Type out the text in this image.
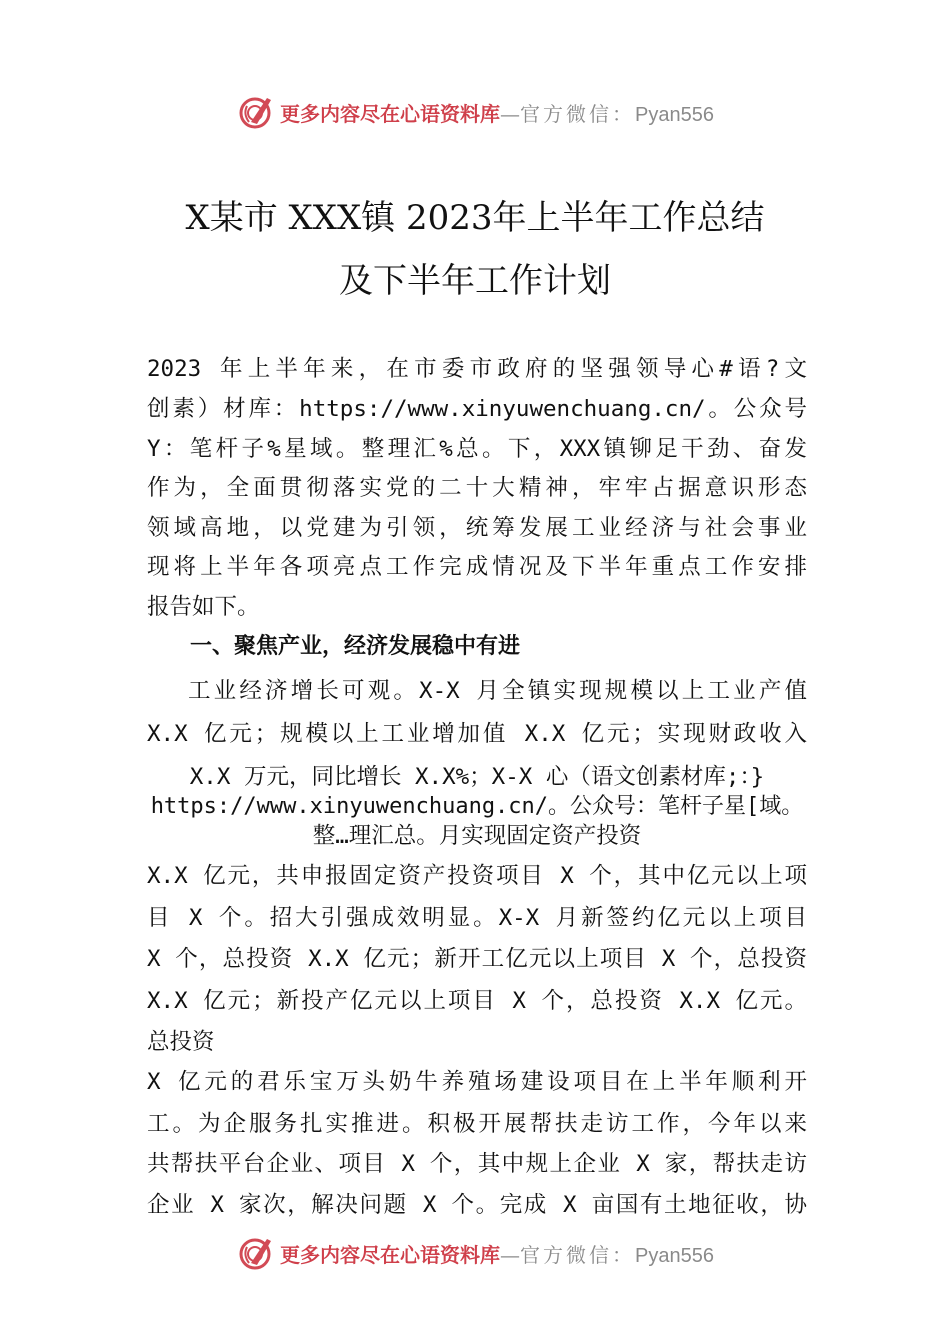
更多内容尽在心语资料库—官方微信：Pyan556
X某市 XXX镇 2023年上半年工作总结
及下半年工作计划
2023 年上半年来，在市委市政府的坚强领导心#语?文
创素）材库：https://www.xinyuwenchuang.cn/。公众号
Y：笔杆子%星域。整理汇%总。下，XXX镇铆足干劲、奋发
作为，全面贯彻落实党的二十大精神，牢牢占据意识形态
领域高地，以党建为引领，统筹发展工业经济与社会事业
现将上半年各项亮点工作完成情况及下半年重点工作安排
报告如下。
一、聚焦产业，经济发展稳中有进
工业经济增长可观。X-X 月全镇实现规模以上工业产值
X.X 亿元；规模以上工业增加值 X.X 亿元；实现财政收入
X.X 万元，同比增长 X.X%；X-X 心（语文创素材库;：}
https://www.xinyuwenchuang.cn/。公众号：笔杆子星[域。
整…理汇总。月实现固定资产投资
X.X 亿元，共申报固定资产投资项目 X 个，其中亿元以上项
目 X 个。招大引强成效明显。X-X 月新签约亿元以上项目
X 个，总投资 X.X 亿元；新开工亿元以上项目 X 个，总投资
X.X 亿元；新投产亿元以上项目 X 个，总投资 X.X 亿元。
总投资
X 亿元的君乐宝万头奶牛养殖场建设项目在上半年顺利开
工。为企服务扎实推进。积极开展帮扶走访工作，今年以来
共帮扶平台企业、项目 X 个，其中规上企业 X 家，帮扶走访
企业 X 家次，解决问题 X 个。完成 X 亩国有土地征收，协
更多内容尽在心语资料库—官方微信：Pyan556
